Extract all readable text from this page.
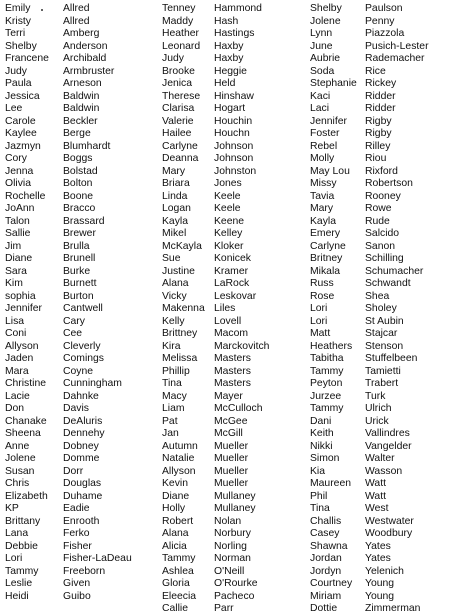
Emily
Kristy
Terri
Shelby
Francene
Judy
Paula
Jessica
Lee
Carole
Kaylee
Jazmyn
Cory
Jenna
Olivia
Rochelle
JoAnn
Talon
Sallie
Jim
Diane
Sara
Kim
sophia
Jennifer
Lisa
Coni
Allyson
Jaden
Mara
Christine
Lacie
Don
Chanake
Sheena
Anne
Jolene
Susan
Chris
Elizabeth
KP
Brittany
Lana
Debbie
Lori
Tammy
Leslie
Heidi
Allred
Allred
Amberg
Anderson
Archibald
Armbruster
Arneson
Baldwin
Baldwin
Beckler
Berge
Blumhardt
Boggs
Bolstad
Bolton
Boone
Bracco
Brassard
Brewer
Brulla
Brunell
Burke
Burnett
Burton
Cantwell
Cary
Cee
Cleverly
Comings
Coyne
Cunningham
Dahnke
Davis
DeAluris
Dennehy
Dobney
Domme
Dorr
Douglas
Duhame
Eadie
Enrooth
Ferko
Fisher
Fisher-LaDeau
Freeborn
Given
Guibo
Tenney
Maddy
Heather
Leonard
Judy
Brooke
Jenica
Therese
Clarisa
Valerie
Hailee
Carlyne
Deanna
Mary
Briara
Linda
Logan
Kayla
Mikel
McKayla
Sue
Justine
Alana
Vicky
Makenna
Kelly
Brittney
Kira
Melissa
Phillip
Tina
Macy
Liam
Pat
Jan
Autumn
Natalie
Allyson
Kevin
Diane
Holly
Robert
Alana
Alicia
Tammy
Ashlea
Gloria
Eleecia
Callie
Hammond
Hash
Hastings
Haxby
Haxby
Heggie
Held
Hinshaw
Hogart
Houchin
Houchn
Johnson
Johnson
Johnston
Jones
Keele
Keele
Keene
Kelley
Kloker
Konicek
Kramer
LaRock
Leskovar
Liles
Lovell
Macom
Marckovitch
Masters
Masters
Masters
Mayer
McCulloch
McGee
McGill
Mueller
Mueller
Mueller
Mueller
Mullaney
Mullaney
Nolan
Norbury
Norling
Norman
O'Neill
O'Rourke
Pacheco
Parr
Shelby
Jolene
Lynn
June
Aubrie
Soda
Stephanie
Kaci
Laci
Jennifer
Foster
Rebel
Molly
May Lou
Missy
Tavia
Mary
Kayla
Emery
Carlyne
Britney
Mikala
Russ
Rose
Lori
Lori
Matt
Heathers
Tabitha
Tammy
Peyton
Jurzee
Tammy
Dani
Keith
Nikki
Simon
Kia
Maureen
Phil
Tina
Challis
Casey
Shawna
Jordan
Jordyn
Courtney
Miriam
Dottie
Paulson
Penny
Piazzola
Pusich-Lester
Rademacher
Rice
Rickey
Ridder
Ridder
Rigby
Rigby
Rilley
Riou
Rixford
Robertson
Rooney
Rowe
Rude
Salcido
Sanon
Schilling
Schumacher
Schwandt
Shea
Sholey
St Aubin
Stajcar
Stenson
Stuffelbeen
Tamietti
Trabert
Turk
Ulrich
Urick
Vallindres
Vangelder
Walter
Wasson
Watt
Watt
West
Westwater
Woodbury
Yates
Yates
Yelenich
Young
Young
Zimmerman
